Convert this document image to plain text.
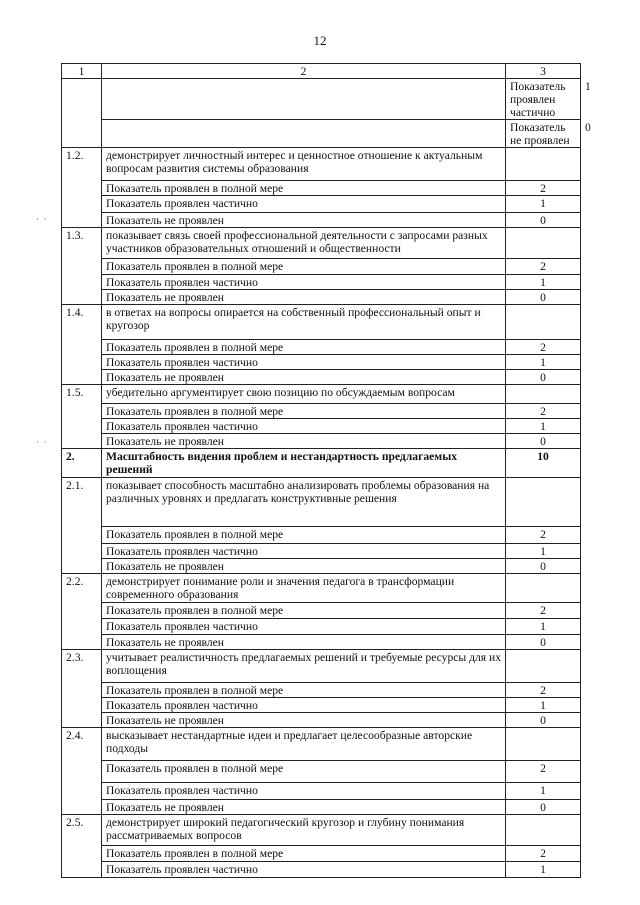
12
1	2	3	
		Показатель проявлен частично	1
		Показатель не проявлен	0
1.2.	демонстрирует личностный интерес и ценностное отношение к актуальным вопросам развития системы образования		
	Показатель проявлен в полной мере	2	
	Показатель проявлен частично	1	
	Показатель не проявлен	0	
1.3.	показывает связь своей профессиональной деятельности с запросами разных участников образовательных отношений и общественности		
	Показатель проявлен в полной мере	2	
	Показатель проявлен частично	1	
	Показатель не проявлен	0	
1.4.	в ответах на вопросы опирается на собственный профессиональный опыт и кругозор		
	Показатель проявлен в полной мере	2	
	Показатель проявлен частично	1	
	Показатель не проявлен	0	
1.5.	убедительно аргументирует свою позицию по обсуждаемым вопросам		
	Показатель проявлен в полной мере	2	
	Показатель проявлен частично	1	
	Показатель не проявлен	0	
2.	Масштабность видения проблем и нестандартность предлагаемых решений	10	
2.1.	показывает способность масштабно анализировать проблемы образования на различных уровнях и предлагать конструктивные решения		
	Показатель проявлен в полной мере	2	
	Показатель проявлен частично	1	
	Показатель не проявлен	0	
2.2.	демонстрирует понимание роли и значения педагога в трансформации современного образования		
	Показатель проявлен в полной мере	2	
	Показатель проявлен частично	1	
	Показатель не проявлен	0	
2.3.	учитывает реалистичность предлагаемых решений и требуемые ресурсы для их воплощения		
	Показатель проявлен в полной мере	2	
	Показатель проявлен частично	1	
	Показатель не проявлен	0	
2.4.	высказывает нестандартные идеи и предлагает целесообразные авторские подходы		
	Показатель проявлен в полной мере	2	
	Показатель проявлен частично	1	
	Показатель не проявлен	0	
2.5.	демонстрирует широкий педагогический кругозор и глубину понимания рассматриваемых вопросов		
	Показатель проявлен в полной мере	2	
	Показатель проявлен частично	1	
·  ·
·  ·
